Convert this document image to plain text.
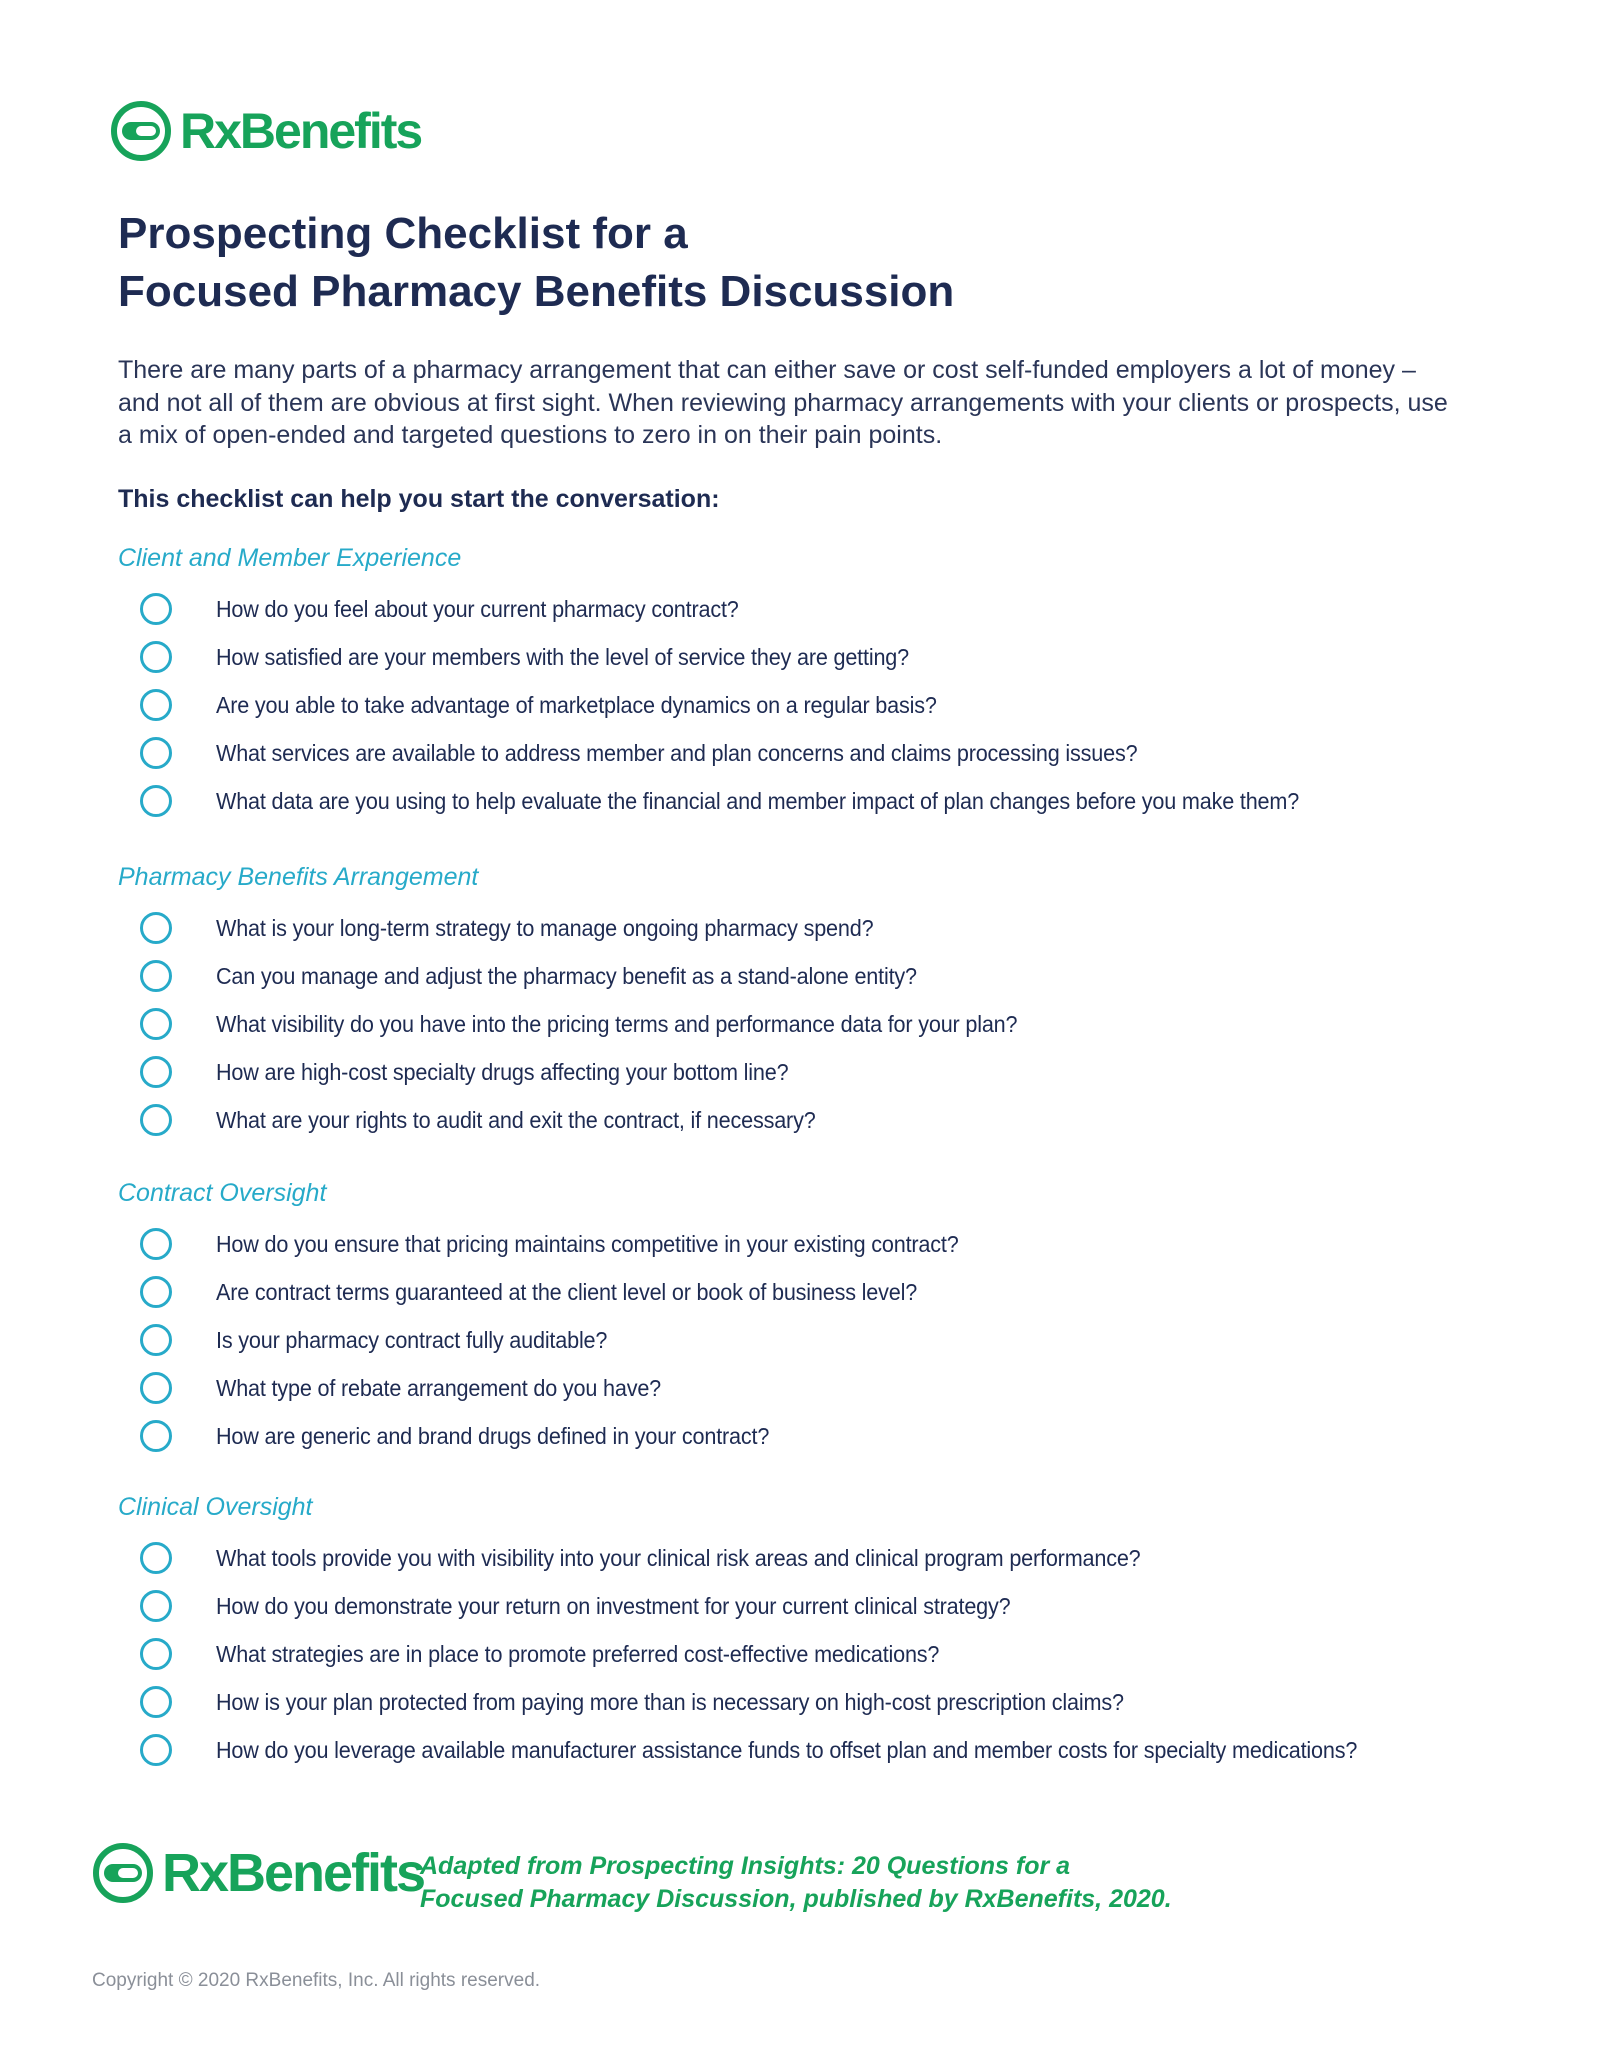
RxBenefits
Prospecting Checklist for a
Focused Pharmacy Benefits Discussion

There are many parts of a pharmacy arrangement that can either save or cost self-funded employers a lot of money – and not all of them are obvious at first sight. When reviewing pharmacy arrangements with your clients or prospects, use a mix of open-ended and targeted questions to zero in on their pain points.

This checklist can help you start the conversation:

Client and Member Experience
How do you feel about your current pharmacy contract?
How satisfied are your members with the level of service they are getting?
Are you able to take advantage of marketplace dynamics on a regular basis?
What services are available to address member and plan concerns and claims processing issues?
What data are you using to help evaluate the financial and member impact of plan changes before you make them?
Pharmacy Benefits Arrangement
What is your long-term strategy to manage ongoing pharmacy spend?
Can you manage and adjust the pharmacy benefit as a stand-alone entity?
What visibility do you have into the pricing terms and performance data for your plan?
How are high-cost specialty drugs affecting your bottom line?
What are your rights to audit and exit the contract, if necessary?
Contract Oversight
How do you ensure that pricing maintains competitive in your existing contract?
Are contract terms guaranteed at the client level or book of business level?
Is your pharmacy contract fully auditable?
What type of rebate arrangement do you have?
How are generic and brand drugs defined in your contract?
Clinical Oversight
What tools provide you with visibility into your clinical risk areas and clinical program performance?
How do you demonstrate your return on investment for your current clinical strategy?
What strategies are in place to promote preferred cost-effective medications?
How is your plan protected from paying more than is necessary on high-cost prescription claims?
How do you leverage available manufacturer assistance funds to offset plan and member costs for specialty medications?
RxBenefits

Adapted from Prospecting Insights: 20 Questions for a
Focused Pharmacy Discussion, published by RxBenefits, 2020.

Copyright © 2020 RxBenefits, Inc. All rights reserved.
